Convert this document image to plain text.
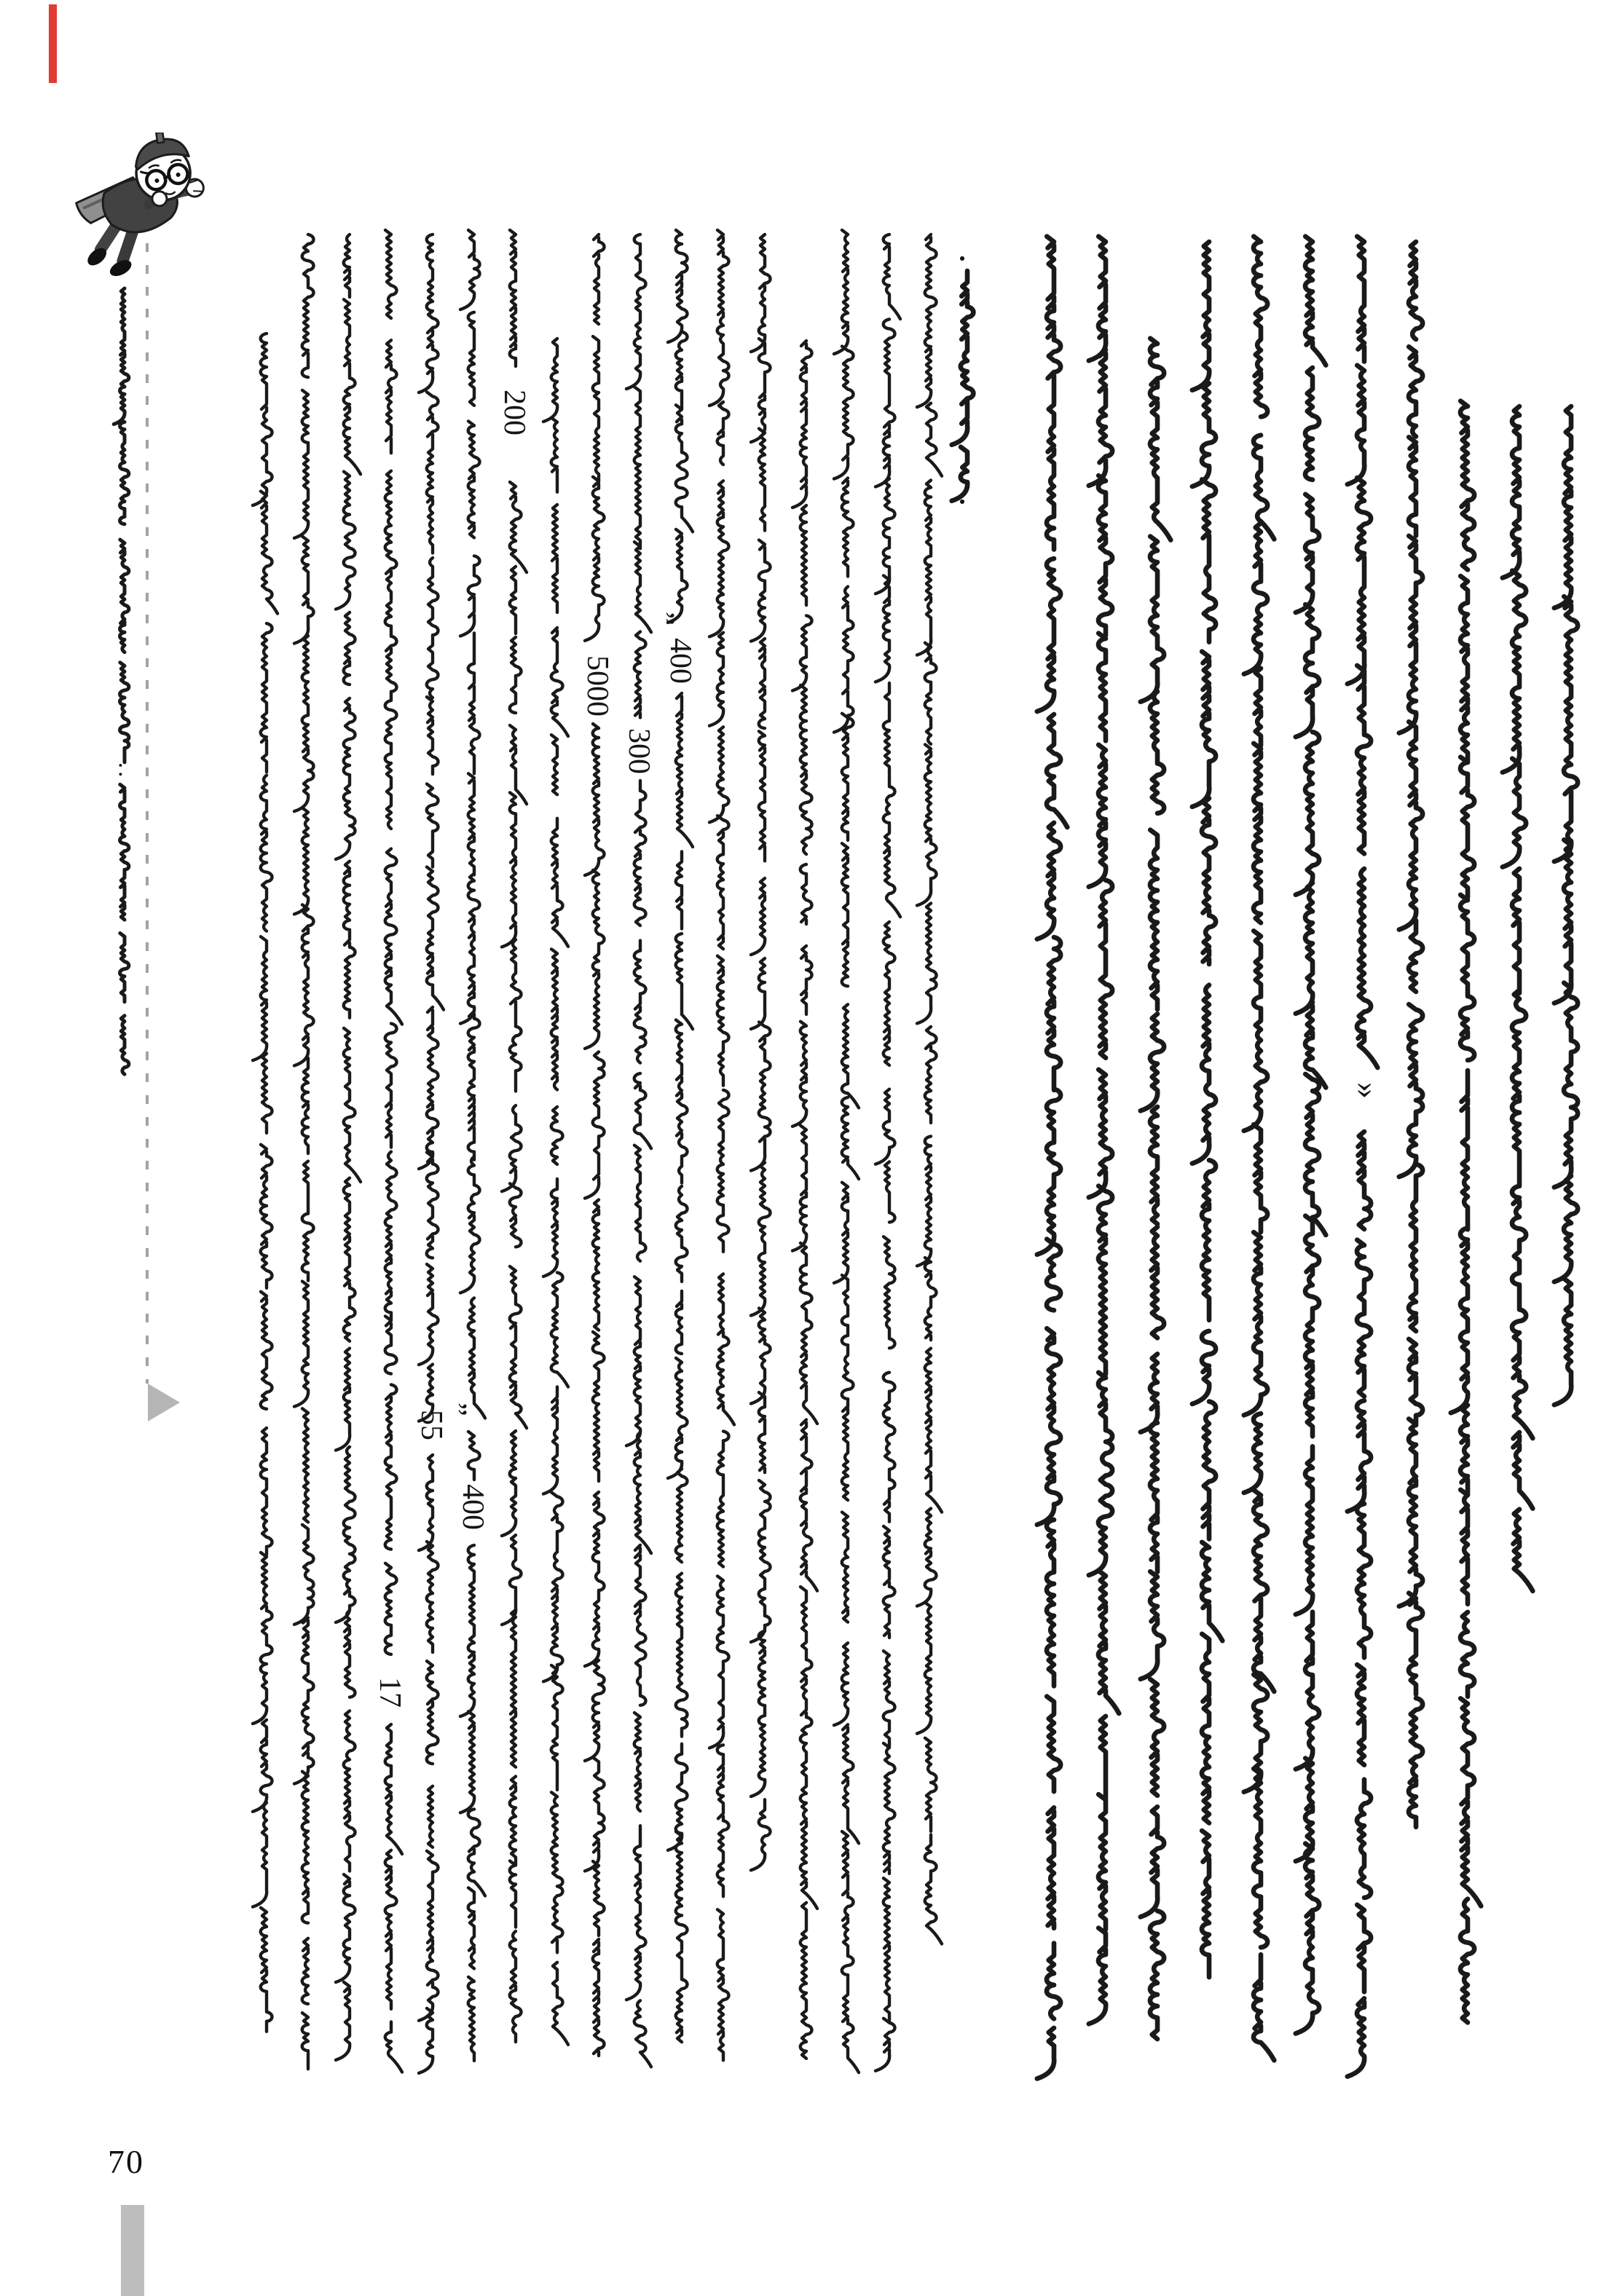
70
200
„
400
5000
300
55
„
400
17
»
·
·
:
